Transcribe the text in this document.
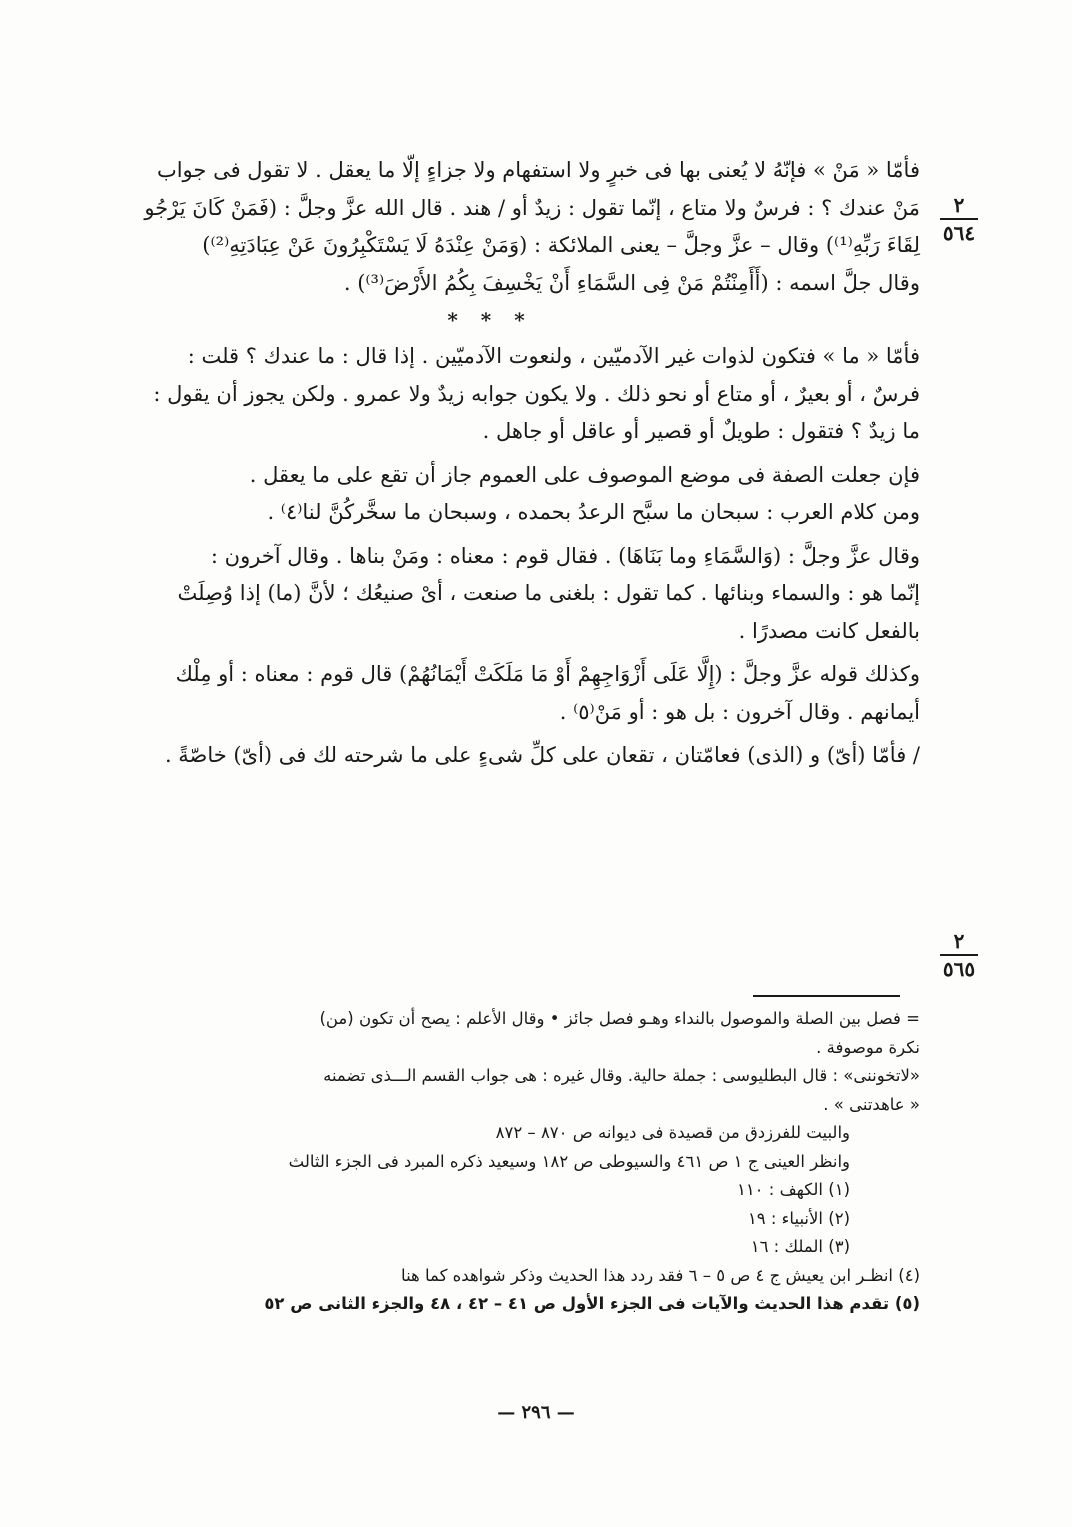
٢
٥٦٤
٢
٥٦٥

فأمّا « مَنْ » فإنّهُ لا يُعنى بها فى خبرٍ ولا استفهام ولا جزاءٍ إلّا ما يعقل . لا تقول فى جواب

مَنْ عندك ؟ : فرسٌ ولا متاع ، إنّما تقول : زيدٌ أو / هند . قال الله عزَّ وجلَّ : (فَمَنْ كَانَ يَرْجُو

لِقَاءَ رَبِّهِ⁽¹⁾) وقال – عزَّ وجلَّ – يعنى الملائكة : (وَمَنْ عِنْدَهُ لَا يَسْتَكْبِرُونَ عَنْ عِبَادَتِهِ⁽²⁾)

وقال جلَّ اسمه : (أَأَمِنْتُمْ مَنْ فِى السَّمَاءِ أَنْ يَخْسِفَ بِكُمُ الأَرْضَ⁽³⁾) .

* * *

فأمّا « ما » فتكون لذوات غير الآدميّين ، ولنعوت الآدميّين . إذا قال : ما عندك ؟ قلت :

فرسٌ ، أو بعيرٌ ، أو متاع أو نحو ذلك . ولا يكون جوابه زيدٌ ولا عمرو . ولكن يجوز أن يقول :

ما زيدٌ ؟ فتقول : طويلٌ أو قصير أو عاقل أو جاهل .

فإن جعلت الصفة فى موضع الموصوف على العموم جاز أن تقع على ما يعقل .

ومن كلام العرب : سبحان ما سبَّح الرعدُ بحمده ، وسبحان ما سخَّركُنَّ لنا⁽٤⁾ .

وقال عزَّ وجلَّ : (وَالسَّمَاءِ وما بَنَاهَا) . فقال قوم : معناه : ومَنْ بناها . وقال آخرون :

إنّما هو : والسماء وبنائها . كما تقول : بلغنى ما صنعت ، أىْ صنيعُك ؛ لأنَّ (ما) إذا وُصِلَتْ

بالفعل كانت مصدرًا .

وكذلك قوله عزَّ وجلَّ : (إِلَّا عَلَى أَزْوَاجِهِمْ أَوْ مَا مَلَكَتْ أَيْمَانُهُمْ) قال قوم : معناه : أو مِلْك

أيمانهم . وقال آخرون : بل هو : أو مَنْ⁽٥⁾ .

/ فأمّا (أىّ) و (الذى) فعامّتان ، تقعان على كلِّ شىءٍ على ما شرحته لك فى (أىّ) خاصّةً .

= فصل بين الصلة والموصول بالنداء وهـو فصل جائز • وقال الأعلم : يصح أن تكون (من)

نكرة موصوفة .

«لاتخوننى» : قال البطليوسى : جملة حالية. وقال غيره : هى جواب القسم الـــذى تضمنه

« عاهدتنى » .

والبيت للفرزدق من قصيدة فى ديوانه ص ٨٧٠ – ٨٧٢

وانظر العينى ج ١ ص ٤٦١ والسيوطى ص ١٨٢ وسيعيد ذكره المبرد فى الجزء الثالث

(١) الكهف : ١١٠

(٢) الأنبياء : ١٩

(٣) الملك : ١٦

(٤) انظـر ابن يعيش ج ٤ ص ٥ – ٦ فقد ردد هذا الحديث وذكر شواهده كما هنا

(٥) تقدم هذا الحديث والآيات فى الجزء الأول ص ٤١ – ٤٢ ، ٤٨ والجزء الثانى ص ٥٢

— ٢٩٦ —
